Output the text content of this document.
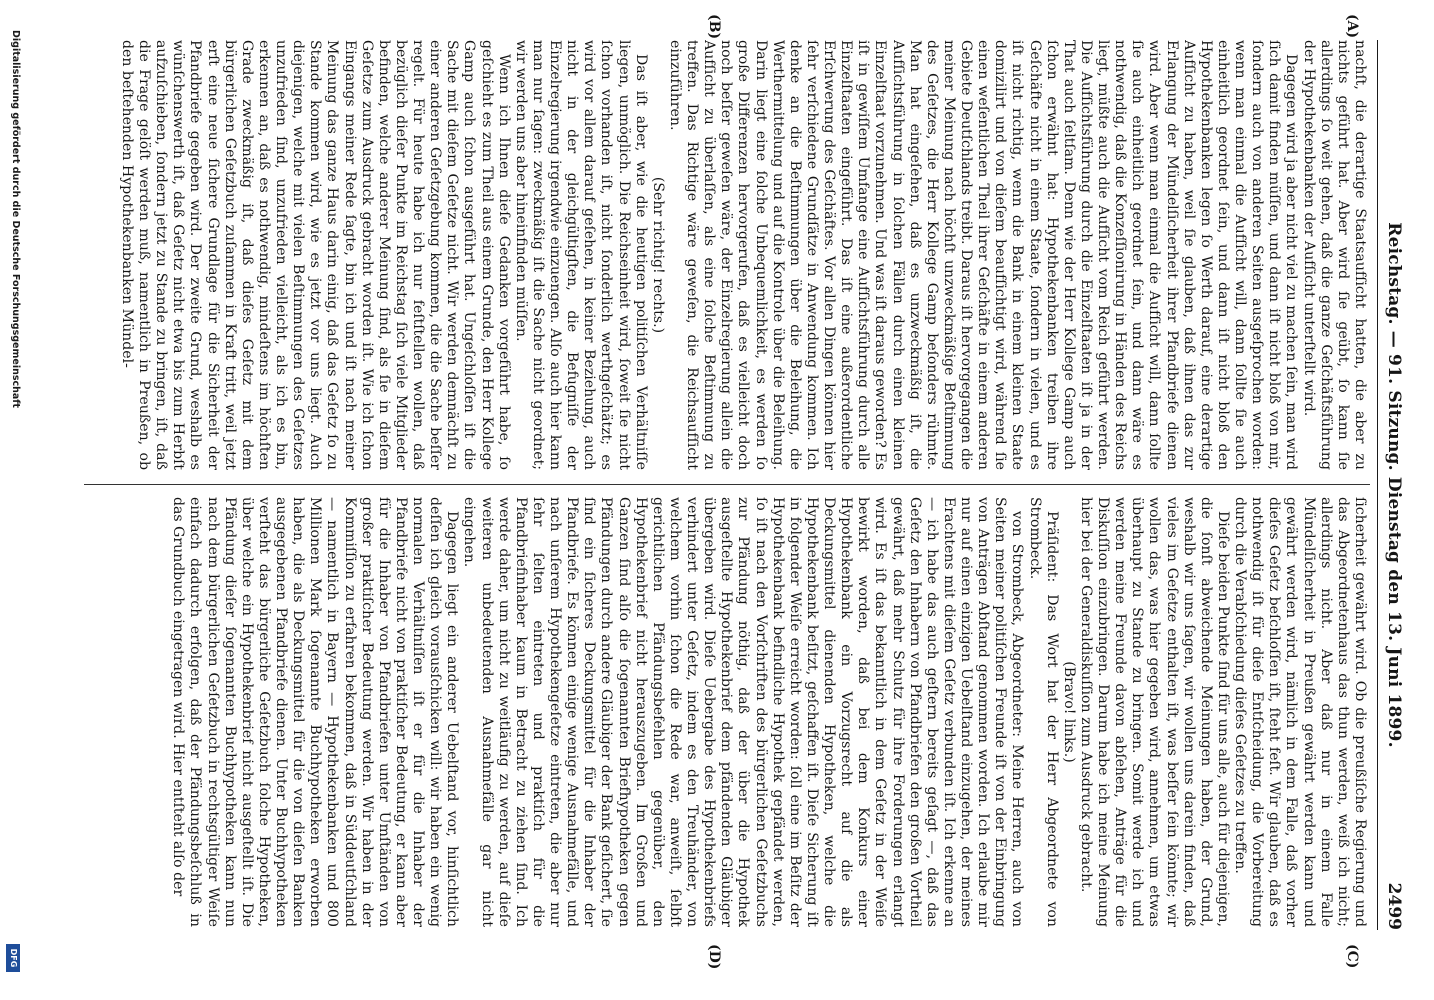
Reichstag. — 91. Sitzung. Dienstag den 13. Juni 1899.
2499
(A)
(B)
(C)
(D)

nachſt, die derartige Staatsaufſicht hatten, die aber zu nichts geführt hat. Aber wird ſie geübt, ſo kann ſie allerdings ſo weit gehen, daß die ganze Geſchäftsführung der Hypothekenbanken der Aufſicht unterſtellt wird.

Dagegen wird ja aber nicht viel zu machen ſein, man wird ſich damit finden müſſen, und dann iſt nicht bloß von mir, ſondern auch von anderen Seiten ausgeſprochen worden: wenn man einmal die Aufſicht will, dann ſollte ſie auch einheitlich geordnet ſein, und dann iſt nicht bloß den Hypothekenbanken legen ſo Werth darauf, eine derartige Aufſicht zu haben, weil ſie glauben, daß ihnen das zur Erlangung der Mündelſicherheit ihrer Pfandbriefe dienen wird. Aber wenn man einmal die Aufſicht will, dann ſollte ſie auch einheitlich geordnet ſein, und dann wäre es nothwendig, daß die Konzeſſionirung in Händen des Reichs liegt, müßte auch die Aufſicht vom Reich geführt werden. Die Aufſichtsführung durch die Einzelſtaaten iſt ja in der That auch ſeltſam. Denn wie der Herr Kollege Gamp auch ſchon erwähnt hat: Hypothekenbanken treiben ihre Geſchäfte nicht in einem Staate, ſondern in vielen, und es iſt nicht richtig, wenn die Bank in einem kleinen Staate domizilirt und von dieſem beaufſichtigt wird, während ſie einen weſentlichen Theil ihrer Geſchäfte in einem anderen Gebiete Deutſchlands treibt. Daraus iſt hervorgegangen die meiner Meinung nach höchſt unzweckmäßige Beſtimmung des Geſetzes, die Herr Kollege Gamp beſonders rühmte. Man hat eingeſehen, daß es unzweckmäßig iſt, die Aufſichtsführung in ſolchen Fällen durch einen kleinen Einzelſtaat vorzunehmen. Und was iſt daraus geworden? Es iſt in gewiſſem Umfange eine Aufſichtsführung durch alle Einzelſtaaten eingeführt. Das iſt eine außerordentliche Erſchwerung des Geſchäftes. Vor allen Dingen können hier ſehr verſchiedene Grundſätze in Anwendung kommen. Ich denke an die Beſtimmungen über die Beleihung, die Werthermittelung und auf die Kontrole über die Beleihung. Darin liegt eine ſolche Unbequemlichkeit, es werden ſo große Differenzen hervorgerufen, daß es vielleicht doch noch beſſer geweſen wäre, der Einzelregierung allein die Aufſicht zu überlaſſen, als eine ſolche Beſtimmung zu treffen. Das Richtige wäre geweſen, die Reichsaufſicht einzuführen.

(Sehr richtig! rechts.)

Das iſt aber, wie die heutigen politiſchen Verhältniſſe liegen, unmöglich. Die Reichseinheit wird, ſoweit ſie nicht ſchon vorhanden iſt, nicht ſonderlich werthgeſchätzt; es wird vor allem darauf geſehen, in keiner Beziehung, auch nicht in der gleichgültigſten, die Befugniſſe der Einzelregierung irgendwie einzuengen. Alſo auch hier kann man nur ſagen: zweckmäßig iſt die Sache nicht geordnet; wir werden uns aber hineinfinden müſſen.

Wenn ich Ihnen dieſe Gedanken vorgeführt habe, ſo geſchieht es zum Theil aus einem Grunde, den Herr Kollege Gamp auch ſchon ausgeführt hat. Ungeſchloſſen iſt die Sache mit dieſem Geſetze nicht. Wir werden demnächſt zu einer anderen Geſetzgebung kommen, die die Sache beſſer regelt. Für heute habe ich nur feſtſtellen wollen, daß bezüglich dieſer Punkte im Reichstag ſich viele Mitglieder befinden, welche anderer Meinung ſind, als ſie in dieſem Geſetze zum Ausdruck gebracht worden iſt. Wie ich ſchon Eingangs meiner Rede ſagte, bin ich und iſt nach meiner Meinung das ganze Haus darin einig, daß das Geſetz ſo zu Stande kommen wird, wie es jetzt vor uns liegt. Auch diejenigen, welche mit vielen Beſtimmungen des Geſetzes unzufrieden ſind, unzufrieden vielleicht, als ich es bin, erkennen an, daß es nothwendig, mindeſtens im höchſten Grade zweckmäßig iſt, daß dieſes Geſetz mit dem bürgerlichen Geſetzbuch zuſammen in Kraft tritt, weil jetzt erſt eine neue ſichere Grundlage für die Sicherheit der Pfandbriefe gegeben wird. Der zweite Grund, weshalb es wünſchenswerth iſt, daß Geſetz nicht etwa bis zum Herbſt aufzuſchieben, ſondern jetzt zu Stande zu bringen, iſt, daß die Frage gelöſt werden muß, namentlich in Preußen, ob den beſtehenden Hypothekenbanken Mündel-

ſicherheit gewährt wird. Ob die preußiſche Regierung und das Abgeordnetenhaus das thun werden, weiß ich nicht; allerdings nicht. Aber daß nur in einem Falle Mündelſicherheit in Preußen gewährt werden kann und gewährt werden wird, nämlich in dem Falle, daß vorher dieſes Geſetz beſchloſſen iſt, ſteht feſt. Wir glauben, daß es nothwendig iſt für dieſe Entſcheidung, die Vorbereitung durch die Verabſchiedung dieſes Geſetzes zu treffen.

Dieſe beiden Punkte ſind für uns alle, auch für diejenigen, die ſonſt abweichende Meinungen haben, der Grund, weshalb wir uns ſagen, wir wollen uns darein finden, daß vieles im Geſetze enthalten iſt, was beſſer ſein könnte; wir wollen das, was hier gegeben wird, annehmen, um etwas überhaupt zu Stande zu bringen. Somit werde ich und werden meine Freunde davon abſehen, Anträge für die Diskuſſion einzubringen. Darum habe ich meine Meinung hier bei der Generaldiskuſſion zum Ausdruck gebracht.

(Bravo! links.)

Präſident: Das Wort hat der Herr Abgeordnete von Strombeck.

von Strombeck, Abgeordneter: Meine Herren, auch von Seiten meiner politiſchen Freunde iſt von der Einbringung von Anträgen Abſtand genommen worden. Ich erlaube mir nur auf einen einzigen Uebelſtand einzugehen, der meines Erachtens mit dieſem Geſetz verbunden iſt. Ich erkenne an — ich habe das auch geſtern bereits geſagt —, daß das Geſetz den Inhabern von Pfandbriefen den großen Vortheil gewährt, daß mehr Schutz für ihre Forderungen erlangt wird. Es iſt das bekanntlich in dem Geſetz in der Weiſe bewirkt worden, daß bei dem Konkurs einer Hypothekenbank ein Vorzugsrecht auf die als Deckungsmittel dienenden Hypotheken, welche die Hypothekenbank beſitzt, geſchaffen iſt. Dieſe Sicherung iſt in folgender Weiſe erreicht worden: ſoll eine im Beſitz der Hypothekenbank befindliche Hypothek gepfändet werden, ſo iſt nach den Vorſchriften des bürgerlichen Geſetzbuchs zur Pfändung nöthig, daß der über die Hypothek ausgeſtellte Hypothekenbrief dem pfändenden Gläubiger übergeben wird. Dieſe Uebergabe des Hypothekenbriefs verhindert unter Geſetz, indem es den Treuhänder, von welchem vorhin ſchon die Rede war, anweiſt, ſelbſt gerichtlichen Pfändungsbefehlen gegenüber, den Hypothekenbrief nicht herauszugeben. Im Großen und Ganzen ſind alſo die ſogenannten Briefhypotheken gegen Pfändungen durch andere Gläubiger der Bank geſichert, ſie ſind ein ſicheres Deckungsmittel für die Inhaber der Pfandbriefe. Es können einige wenige Ausnahmefälle, und nach unſerem Hypothekengeſetze eintreten, die aber nur ſehr ſelten eintreten und praktiſch für die Pfandbriefinhaber kaum in Betracht zu ziehen ſind. Ich werde daher, um nicht zu weitläufig zu werden, auf dieſe weiteren unbedeutenden Ausnahmefälle gar nicht eingehen.

Dagegen liegt ein anderer Uebelſtand vor, hinſichtlich deſſen ich gleich vorausſchicken will: wir haben ein wenig normalen Verhältniſſen iſt er für die Inhaber der Pfandbriefe nicht von praktiſcher Bedeutung, er kann aber für die Inhaber von Pfandbriefen unter Umſtänden von großer praktiſcher Bedeutung werden. Wir haben in der Kommiſſion zu erfahren bekommen, daß in Süddeutſchland — namentlich in Bayern — Hypothekenbanken und 800 Millionen Mark ſogenannte Buchhypotheken erworben haben, die als Deckungsmittel für die von dieſen Banken ausgegebenen Pfandbriefe dienen. Unter Buchhypotheken verſteht das bürgerliche Geſetzbuch ſolche Hypotheken, über welche ein Hypothekenbrief nicht ausgeſtellt iſt. Die Pfändung dieſer ſogenannten Buchhypotheken kann nun nach dem bürgerlichen Geſetzbuch in rechtsgültiger Weiſe einfach dadurch erfolgen, daß der Pfändungsbeſchluß in das Grundbuch eingetragen wird. Hier entſteht alſo der

Digitalisierung gefördert durch die Deutsche Forschungsgemeinschaft
DFG
